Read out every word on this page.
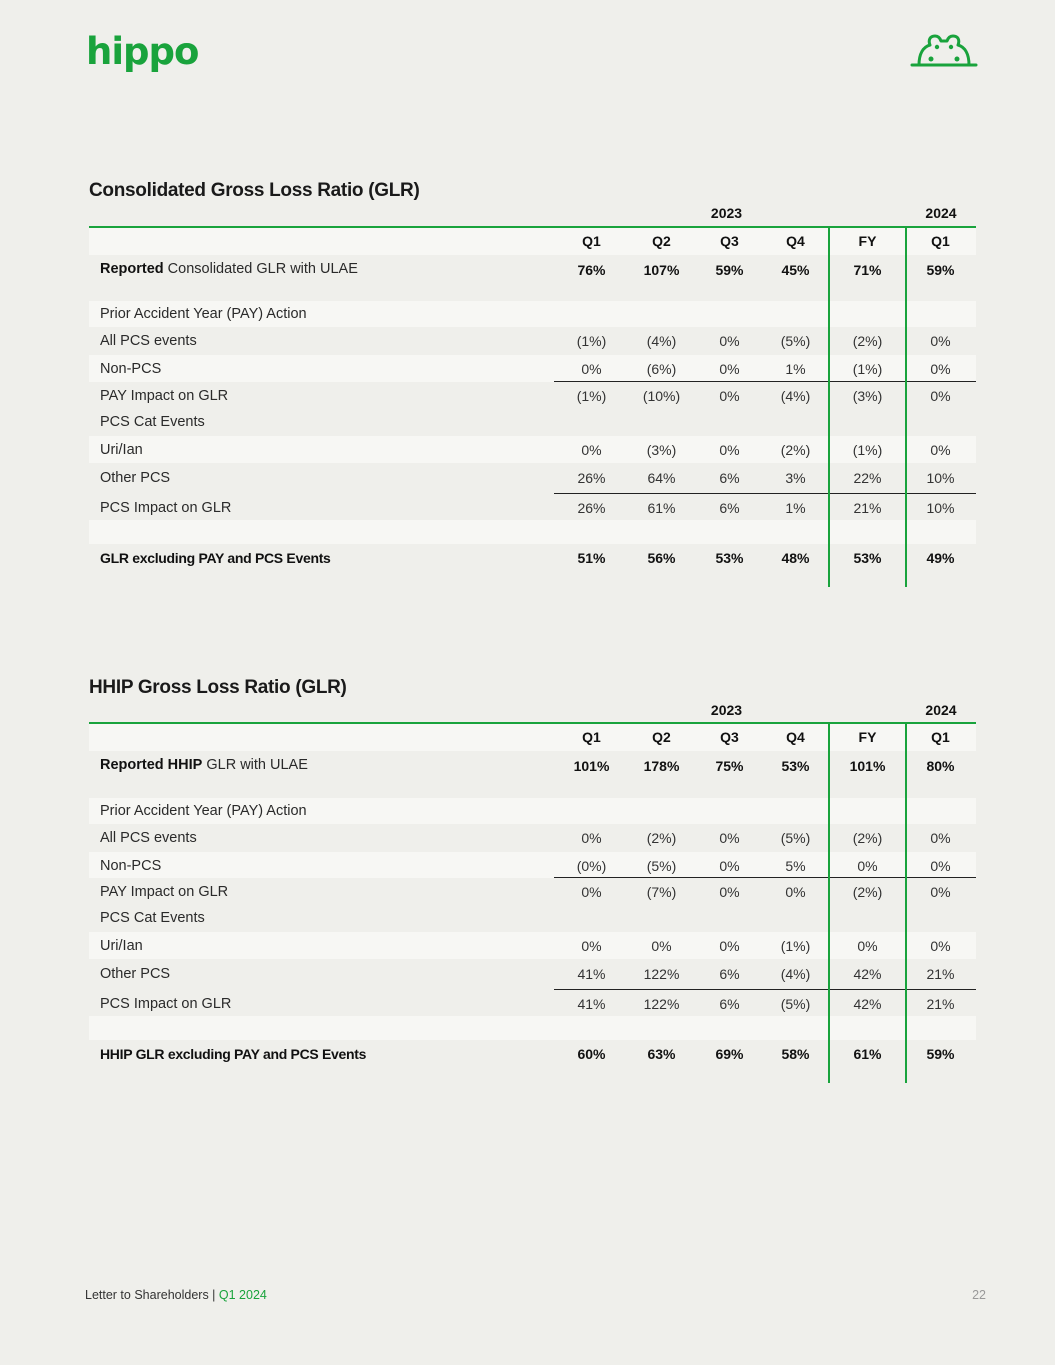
hippo
Consolidated Gross Loss Ratio (GLR)
2023	2024
Q1	Q2	Q3	Q4	FY	Q1
Reported Consolidated GLR with ULAE	76%	107%	59%	45%	71%	59%
Prior Accident Year (PAY) Action
All PCS events	(1%)	(4%)	0%	(5%)	(2%)	0%
Non-PCS	0%	(6%)	0%	1%	(1%)	0%
PAY Impact on GLR	(1%)	(10%)	0%	(4%)	(3%)	0%
PCS Cat Events
Uri/Ian	0%	(3%)	0%	(2%)	(1%)	0%
Other PCS	26%	64%	6%	3%	22%	10%
PCS Impact on GLR	26%	61%	6%	1%	21%	10%
GLR excluding PAY and PCS Events	51%	56%	53%	48%	53%	49%
HHIP Gross Loss Ratio (GLR)
2023	2024
Q1	Q2	Q3	Q4	FY	Q1
Reported HHIP GLR with ULAE	101%	178%	75%	53%	101%	80%
Prior Accident Year (PAY) Action
All PCS events	0%	(2%)	0%	(5%)	(2%)	0%
Non-PCS	(0%)	(5%)	0%	5%	0%	0%
PAY Impact on GLR	0%	(7%)	0%	0%	(2%)	0%
PCS Cat Events
Uri/Ian	0%	0%	0%	(1%)	0%	0%
Other PCS	41%	122%	6%	(4%)	42%	21%
PCS Impact on GLR	41%	122%	6%	(5%)	42%	21%
HHIP GLR excluding PAY and PCS Events	60%	63%	69%	58%	61%	59%
Letter to Shareholders | Q1 2024	22
